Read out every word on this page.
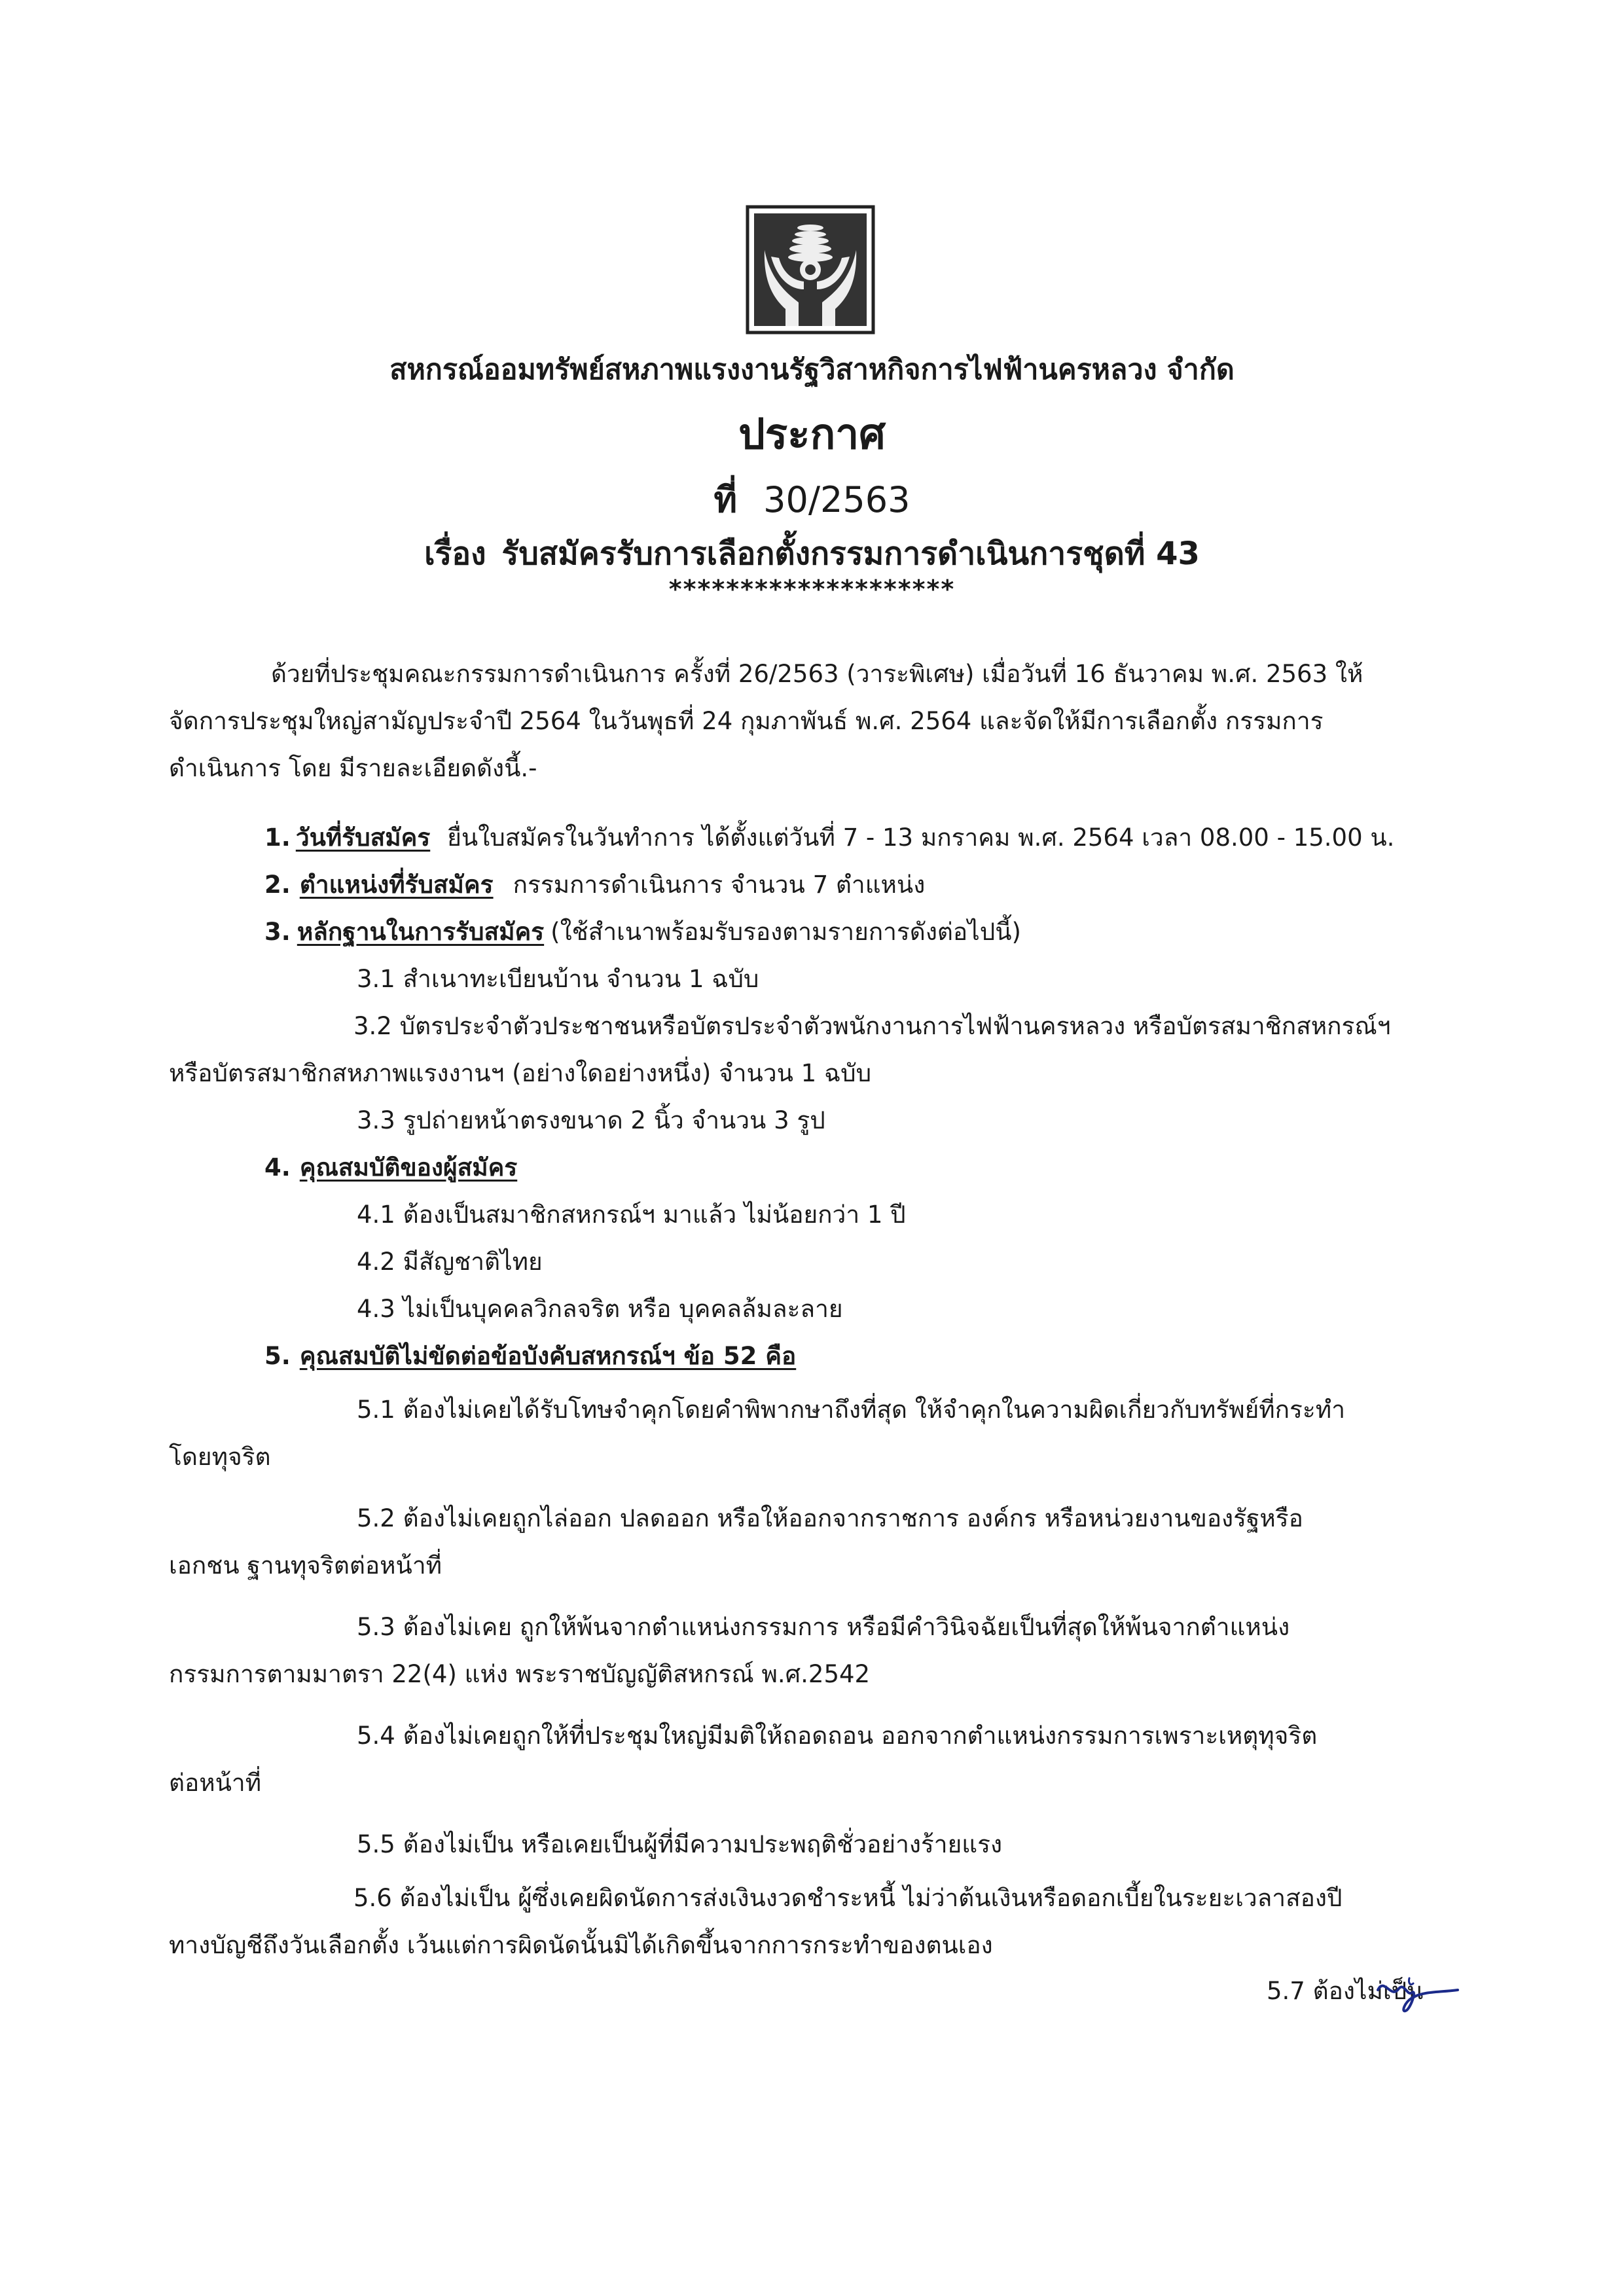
สหกรณ์ออมทรัพย์สหภาพแรงงานรัฐวิสาหกิจการไฟฟ้านครหลวง จำกัด
ประกาศ
ที่ 30/2563
เรื่อง รับสมัครรับการเลือกตั้งกรรมการดำเนินการชุดที่ 43
********************
ด้วยที่ประชุมคณะกรรมการดำเนินการ ครั้งที่ 26/2563 (วาระพิเศษ) เมื่อวันที่ 16 ธันวาคม พ.ศ. 2563 ให้
จัดการประชุมใหญ่สามัญประจำปี 2564 ในวันพุธที่ 24 กุมภาพันธ์ พ.ศ. 2564 และจัดให้มีการเลือกตั้ง กรรมการ
ดำเนินการ โดย มีรายละเอียดดังนี้.-
1. วันที่รับสมัคร ยื่นใบสมัครในวันทำการ ได้ตั้งแต่วันที่ 7 - 13 มกราคม พ.ศ. 2564 เวลา 08.00 - 15.00 น.
2. ตำแหน่งที่รับสมัคร กรรมการดำเนินการ จำนวน 7 ตำแหน่ง
3. หลักฐานในการรับสมัคร (ใช้สำเนาพร้อมรับรองตามรายการดังต่อไปนี้)
3.1 สำเนาทะเบียนบ้าน จำนวน 1 ฉบับ
3.2 บัตรประจำตัวประชาชนหรือบัตรประจำตัวพนักงานการไฟฟ้านครหลวง หรือบัตรสมาชิกสหกรณ์ฯ
หรือบัตรสมาชิกสหภาพแรงงานฯ (อย่างใดอย่างหนึ่ง) จำนวน 1 ฉบับ
3.3 รูปถ่ายหน้าตรงขนาด 2 นิ้ว จำนวน 3 รูป
4. คุณสมบัติของผู้สมัคร
4.1 ต้องเป็นสมาชิกสหกรณ์ฯ มาแล้ว ไม่น้อยกว่า 1 ปี
4.2 มีสัญชาติไทย
4.3 ไม่เป็นบุคคลวิกลจริต หรือ บุคคลล้มละลาย
5. คุณสมบัติไม่ขัดต่อข้อบังคับสหกรณ์ฯ ข้อ 52 คือ
5.1 ต้องไม่เคยได้รับโทษจำคุกโดยคำพิพากษาถึงที่สุด ให้จำคุกในความผิดเกี่ยวกับทรัพย์ที่กระทำ
โดยทุจริต
5.2 ต้องไม่เคยถูกไล่ออก ปลดออก หรือให้ออกจากราชการ องค์กร หรือหน่วยงานของรัฐหรือ
เอกชน ฐานทุจริตต่อหน้าที่
5.3 ต้องไม่เคย ถูกให้พ้นจากตำแหน่งกรรมการ หรือมีคำวินิจฉัยเป็นที่สุดให้พ้นจากตำแหน่ง
กรรมการตามมาตรา 22(4) แห่ง พระราชบัญญัติสหกรณ์ พ.ศ.2542
5.4 ต้องไม่เคยถูกให้ที่ประชุมใหญ่มีมติให้ถอดถอน ออกจากตำแหน่งกรรมการเพราะเหตุทุจริต
ต่อหน้าที่
5.5 ต้องไม่เป็น หรือเคยเป็นผู้ที่มีความประพฤติชั่วอย่างร้ายแรง
5.6 ต้องไม่เป็น ผู้ซึ่งเคยผิดนัดการส่งเงินงวดชำระหนี้ ไม่ว่าต้นเงินหรือดอกเบี้ยในระยะเวลาสองปี
ทางบัญชีถึงวันเลือกตั้ง เว้นแต่การผิดนัดนั้นมิได้เกิดขึ้นจากการกระทำของตนเอง
5.7 ต้องไม่เป็น
